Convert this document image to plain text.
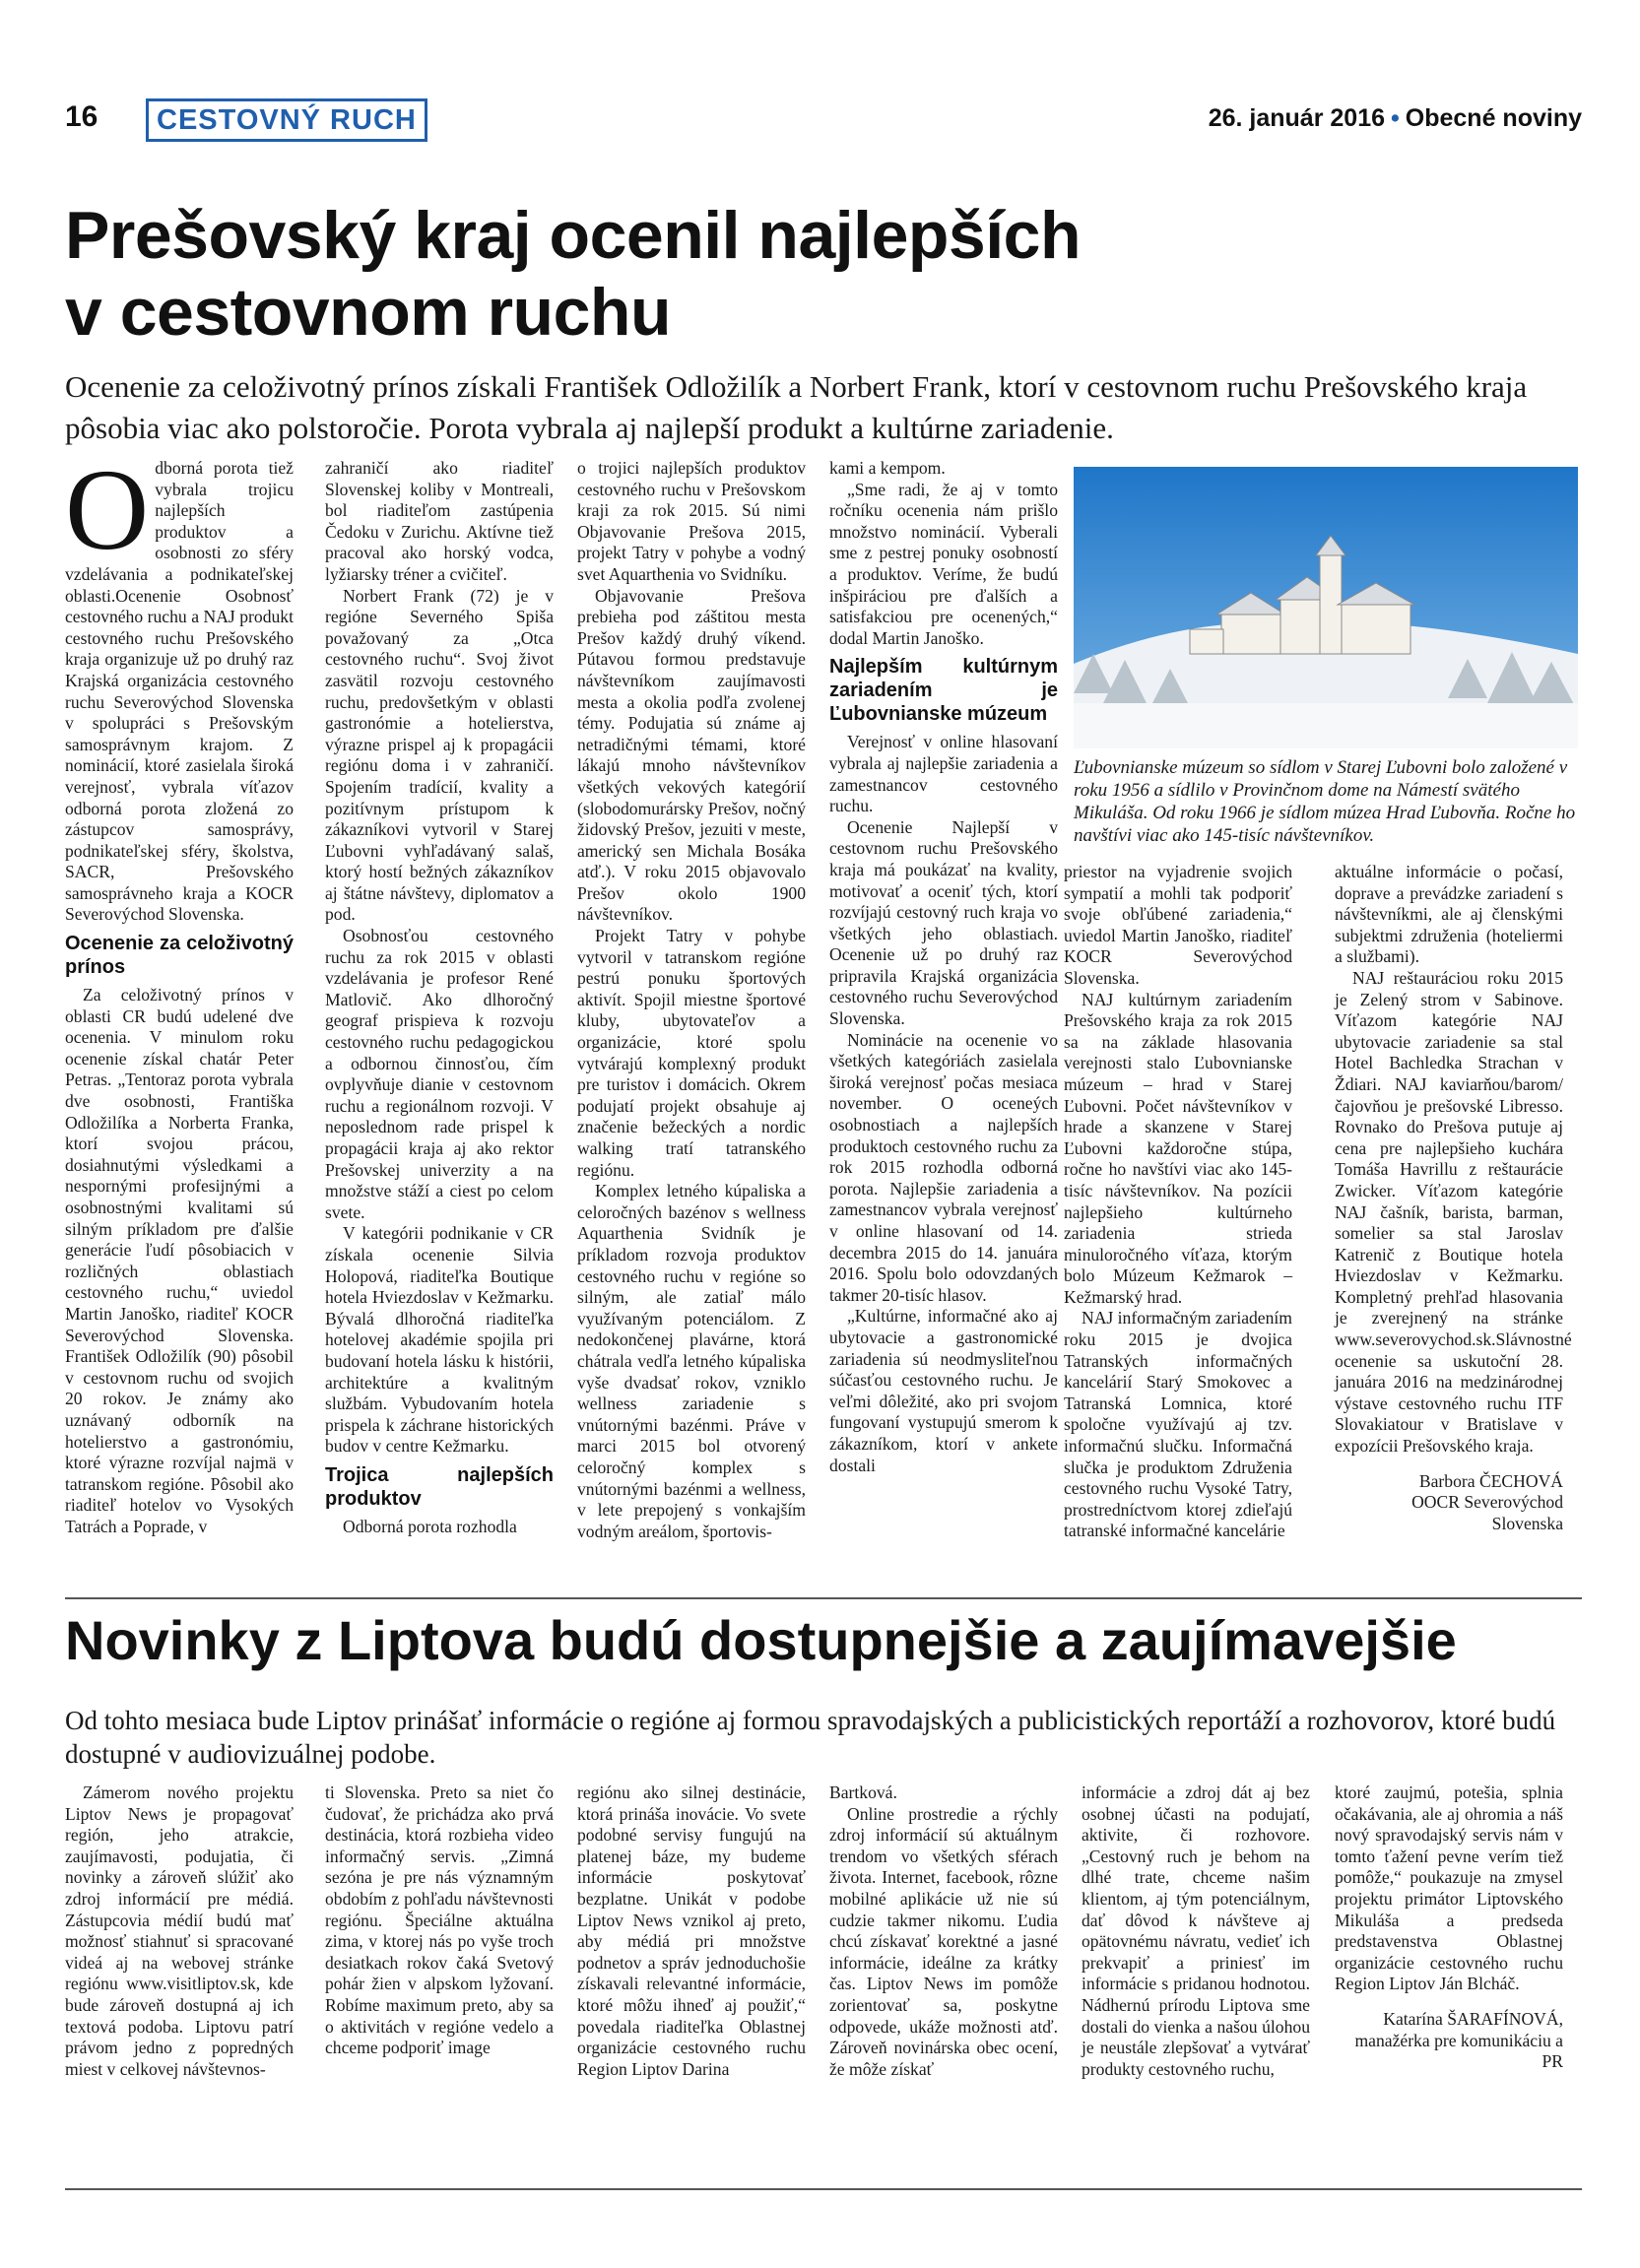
16	CESTOVNÝ RUCH	26. január 2016 • Obecné noviny
Prešovský kraj ocenil najlepších
v cestovnom ruchu

Ocenenie za celoživotný prínos získali František Odložilík a Norbert Frank, ktorí v cestovnom ruchu Prešovského kraja pôsobia viac ako polstoročie. Porota vybrala aj najlepší produkt a kultúrne zariadenie.

Odborná porota tiež vybrala trojicu najlepších produktov a osobnosti zo sféry vzdelávania a podnikateľskej oblasti.Ocenenie Osobnosť cestovného ruchu a NAJ produkt cestovného ruchu Prešovského kraja organizuje už po druhý raz Krajská organizácia cestovného ruchu Severovýchod Slovenska v spolupráci s Prešovským samosprávnym krajom. Z nominácií, ktoré zasielala široká verejnosť, vybrala víťazov odborná porota zložená zo zástupcov samosprávy, podnikateľskej sféry, školstva, SACR, Prešovského samosprávneho kraja a KOCR Severovýchod Slovenska.

Ocenenie za celoživotný prínos

Za celoživotný prínos v oblasti CR budú udelené dve ocenenia. V minulom roku ocenenie získal chatár Peter Petras. „Tentoraz porota vybrala dve osobnosti, Františka Odložilíka a Norberta Franka, ktorí svojou prácou, dosiahnutými výsledkami a nespornými profesijnými a osobnostnými kvalitami sú silným príkladom pre ďalšie generácie ľudí pôsobiacich v rozličných oblastiach cestovného ruchu,“ uviedol Martin Janoško, riaditeľ KOCR Severovýchod Slovenska. František Odložilík (90) pôsobil v cestovnom ruchu od svojich 20 rokov. Je známy ako uznávaný odborník na hotelierstvo a gastronómiu, ktoré výrazne rozvíjal najmä v tatranskom regióne. Pôsobil ako riaditeľ hotelov vo Vysokých Tatrách a Poprade, v

zahraničí ako riaditeľ Slovenskej koliby v Montreali, bol riaditeľom zastúpenia Čedoku v Zurichu. Aktívne tiež pracoval ako horský vodca, lyžiarsky tréner a cvičiteľ.

Norbert Frank (72) je v regióne Severného Spiša považovaný za „Otca cestovného ruchu“. Svoj život zasvätil rozvoju cestovného ruchu, predovšetkým v oblasti gastronómie a hotelierstva, výrazne prispel aj k propagácii regiónu doma i v zahraničí. Spojením tradícií, kvality a pozitívnym prístupom k zákazníkovi vytvoril v Starej Ľubovni vyhľadávaný salaš, ktorý hostí bežných zákazníkov aj štátne návštevy, diplomatov a pod.

Osobnosťou cestovného ruchu za rok 2015 v oblasti vzdelávania je profesor René Matlovič. Ako dlhoročný geograf prispieva k rozvoju cestovného ruchu pedagogickou a odbornou činnosťou, čím ovplyvňuje dianie v cestovnom ruchu a regionálnom rozvoji. V neposlednom rade prispel k propagácii kraja aj ako rektor Prešovskej univerzity a na množstve stáží a ciest po celom svete.

V kategórii podnikanie v CR získala ocenenie Silvia Holopová, riaditeľka Boutique hotela Hviezdoslav v Kežmarku. Bývalá dlhoročná riaditeľka hotelovej akadémie spojila pri budovaní hotela lásku k histórii, architektúre a kvalitným službám. Vybudovaním hotela prispela k záchrane historických budov v centre Kežmarku.

Trojica najlepších produktov

Odborná porota rozhodla

o trojici najlepších produktov cestovného ruchu v Prešovskom kraji za rok 2015. Sú nimi Objavovanie Prešova 2015, projekt Tatry v pohybe a vodný svet Aquarthenia vo Svidníku.

Objavovanie Prešova prebieha pod záštitou mesta Prešov každý druhý víkend. Pútavou formou predstavuje návštevníkom zaujímavosti mesta a okolia podľa zvolenej témy. Podujatia sú známe aj netradičnými témami, ktoré lákajú mnoho návštevníkov všetkých vekových kategórií (slobodomurársky Prešov, nočný židovský Prešov, jezuiti v meste, americký sen Michala Bosáka atď.). V roku 2015 objavovalo Prešov okolo 1900 návštevníkov.

Projekt Tatry v pohybe vytvoril v tatranskom regióne pestrú ponuku športových aktivít. Spojil miestne športové kluby, ubytovateľov a organizácie, ktoré spolu vytvárajú komplexný produkt pre turistov i domácich. Okrem podujatí projekt obsahuje aj značenie bežeckých a nordic walking tratí tatranského regiónu.

Komplex letného kúpaliska a celoročných bazénov s wellness Aquarthenia Svidník je príkladom rozvoja produktov cestovného ruchu v regióne so silným, ale zatiaľ málo využívaným potenciálom. Z nedokončenej plavárne, ktorá chátrala vedľa letného kúpaliska vyše dvadsať rokov, vzniklo wellness zariadenie s vnútornými bazénmi. Práve v marci 2015 bol otvorený celoročný komplex s vnútornými bazénmi a wellness, v lete prepojený s vonkajším vodným areálom, športovis-

kami a kempom.

„Sme radi, že aj v tomto ročníku ocenenia nám prišlo množstvo nominácií. Vyberali sme z pestrej ponuky osobností a produktov. Veríme, že budú inšpiráciou pre ďalších a satisfakciou pre ocenených,“ dodal Martin Janoško.

Najlepším kultúrnym zariadením je Ľubovnianske múzeum

Verejnosť v online hlasovaní vybrala aj najlepšie zariadenia a zamestnancov cestovného ruchu.

Ocenenie Najlepší v cestovnom ruchu Prešovského kraja má poukázať na kvality, motivovať a oceniť tých, ktorí rozvíjajú cestovný ruch kraja vo všetkých jeho oblastiach. Ocenenie už po druhý raz pripravila Krajská organizácia cestovného ruchu Severovýchod Slovenska.

Nominácie na ocenenie vo všetkých kategóriách zasielala široká verejnosť počas mesiaca november. O oceneých osobnostiach a najlepších produktoch cestovného ruchu za rok 2015 rozhodla odborná porota. Najlepšie zariadenia a zamestnancov vybrala verejnosť v online hlasovaní od 14. decembra 2015 do 14. januára 2016. Spolu bolo odovzdaných takmer 20-tisíc hlasov.

„Kultúrne, informačné ako aj ubytovacie a gastronomické zariadenia sú neodmysliteľnou súčasťou cestovného ruchu. Je veľmi dôležité, ako pri svojom fungovaní vystupujú smerom k zákazníkom, ktorí v ankete dostali

Ľubovnianske múzeum so sídlom v Starej Ľubovni bolo založené v roku 1956 a sídlilo v Provinčnom dome na Námestí svätého Mikuláša. Od roku 1966 je sídlom múzea Hrad Ľubovňa. Ročne ho navštívi viac ako 145-tisíc návštevníkov.

priestor na vyjadrenie svojich sympatií a mohli tak podporiť svoje obľúbené zariadenia,“ uviedol Martin Janoško, riaditeľ KOCR Severovýchod Slovenska.

NAJ kultúrnym zariadením Prešovského kraja za rok 2015 sa na základe hlasovania verejnosti stalo Ľubovnianske múzeum – hrad v Starej Ľubovni. Počet návštevníkov v hrade a skanzene v Starej Ľubovni každoročne stúpa, ročne ho navštívi viac ako 145-tisíc návštevníkov. Na pozícii najlepšieho kultúrneho zariadenia strieda minuloročného víťaza, ktorým bolo Múzeum Kežmarok – Kežmarský hrad.

NAJ informačným zariadením roku 2015 je dvojica Tatranských informačných kancelárií Starý Smokovec a Tatranská Lomnica, ktoré spoločne využívajú aj tzv. informačnú slučku. Informačná slučka je produktom Združenia cestovného ruchu Vysoké Tatry, prostredníctvom ktorej zdieľajú tatranské informačné kancelárie

aktuálne informácie o počasí, doprave a prevádzke zariadení s návštevníkmi, ale aj členskými subjektmi združenia (hoteliermi a službami).

NAJ reštauráciou roku 2015 je Zelený strom v Sabinove. Víťazom kategórie NAJ ubytovacie zariadenie sa stal Hotel Bachledka Strachan v Ždiari. NAJ kaviarňou/barom/čajovňou je prešovské Libresso. Rovnako do Prešova putuje aj cena pre najlepšieho kuchára Tomáša Havrillu z reštaurácie Zwicker. Víťazom kategórie NAJ čašník, barista, barman, somelier sa stal Jaroslav Katrenič z Boutique hotela Hviezdoslav v Kežmarku. Kompletný prehľad hlasovania je zverejnený na stránke www.severovychod.sk.Slávnostné ocenenie sa uskutoční 28. januára 2016 na medzinárodnej výstave cestovného ruchu ITF Slovakiatour v Bratislave v expozícii Prešovského kraja.

Barbora ČECHOVÁ
OOCR Severovýchod
Slovenska
Novinky z Liptova budú dostupnejšie a zaujímavejšie

Od tohto mesiaca bude Liptov prinášať informácie o regióne aj formou spravodajských a publicistických reportáží a rozhovorov, ktoré budú dostupné v audiovizuálnej podobe.

Zámerom nového projektu Liptov News je propagovať región, jeho atrakcie, zaujímavosti, podujatia, či novinky a zároveň slúžiť ako zdroj informácií pre médiá. Zástupcovia médií budú mať možnosť stiahnuť si spracované videá aj na webovej stránke regiónu www.visitliptov.sk, kde bude zároveň dostupná aj ich textová podoba. Liptovu patrí právom jedno z popredných miest v celkovej návštevnos-

ti Slovenska. Preto sa niet čo čudovať, že prichádza ako prvá destinácia, ktorá rozbieha video informačný servis. „Zimná sezóna je pre nás významným obdobím z pohľadu návštevnosti regiónu. Špeciálne aktuálna zima, v ktorej nás po vyše troch desiatkach rokov čaká Svetový pohár žien v alpskom lyžovaní. Robíme maximum preto, aby sa o aktivitách v regióne vedelo a chceme podporiť image

regiónu ako silnej destinácie, ktorá prináša inovácie. Vo svete podobné servisy fungujú na platenej báze, my budeme informácie poskytovať bezplatne. Unikát v podobe Liptov News vznikol aj preto, aby médiá pri množstve podnetov a správ jednoduchošie získavali relevantné informácie, ktoré môžu ihneď aj použiť,“ povedala riaditeľka Oblastnej organizácie cestovného ruchu Region Liptov Darina

Bartková.

Online prostredie a rýchly zdroj informácií sú aktuálnym trendom vo všetkých sférach života. Internet, facebook, rôzne mobilné aplikácie už nie sú cudzie takmer nikomu. Ľudia chcú získavať korektné a jasné informácie, ideálne za krátky čas. Liptov News im pomôže zorientovať sa, poskytne odpovede, ukáže možnosti atď. Zároveň novinárska obec ocení, že môže získať

informácie a zdroj dát aj bez osobnej účasti na podujatí, aktivite, či rozhovore. „Cestovný ruch je behom na dlhé trate, chceme našim klientom, aj tým potenciálnym, dať dôvod k návšteve aj opätovnému návratu, vedieť ich prekvapiť a priniesť im informácie s pridanou hodnotou. Nádhernú prírodu Liptova sme dostali do vienka a našou úlohou je neustále zlepšovať a vytvárať produkty cestovného ruchu,

ktoré zaujmú, potešia, splnia očakávania, ale aj ohromia a náš nový spravodajský servis nám v tomto ťažení pevne verím tiež pomôže,“ poukazuje na zmysel projektu primátor Liptovského Mikuláša a predseda predstavenstva Oblastnej organizácie cestovného ruchu Region Liptov Ján Blcháč.

Katarína ŠARAFÍNOVÁ,
manažérka pre komunikáciu a PR
